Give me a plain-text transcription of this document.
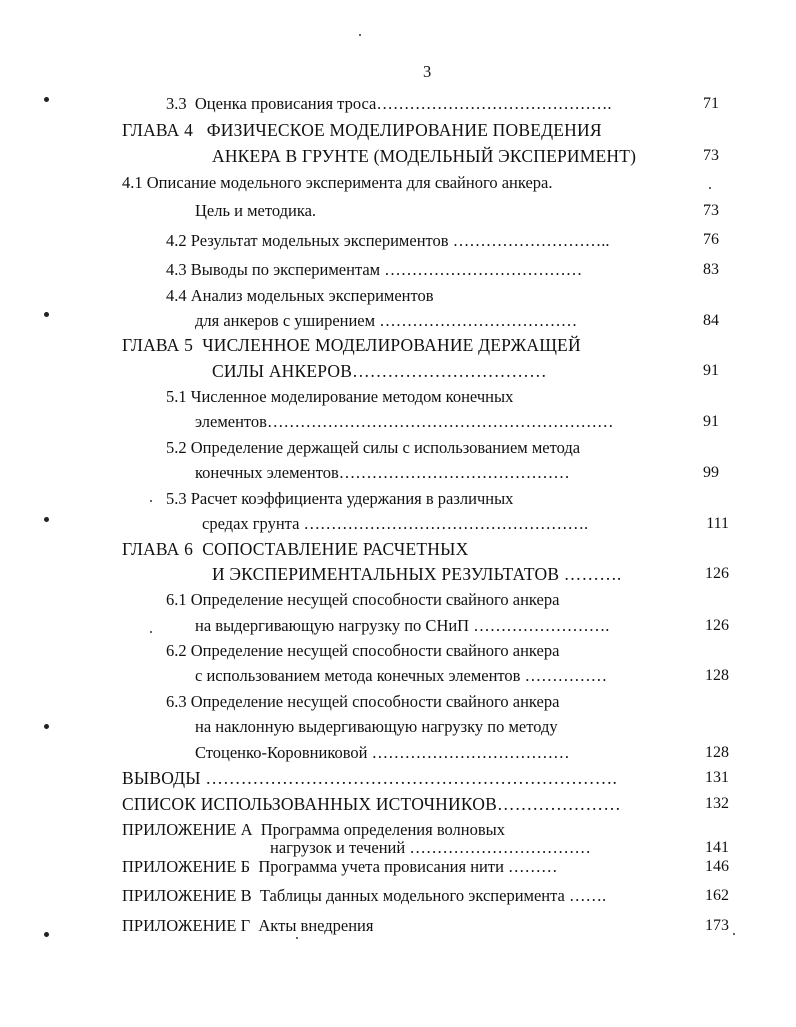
3
3.3  Оценка провисания троса…………………………………….	71
ГЛАВА 4   ФИЗИЧЕСКОЕ МОДЕЛИРОВАНИЕ ПОВЕДЕНИЯ
АНКЕРА В ГРУНТЕ (МОДЕЛЬНЫЙ ЭКСПЕРИМЕНТ)	73
4.1 Описание модельного эксперимента для свайного анкера.
Цель и методика.	73
4.2 Результат модельных экспериментов ………………………..	76
4.3 Выводы по экспериментам ………………………………	83
4.4 Анализ модельных экспериментов
для анкеров с уширением ………………………………	84
ГЛАВА 5  ЧИСЛЕННОЕ МОДЕЛИРОВАНИЕ ДЕРЖАЩЕЙ
СИЛЫ АНКЕРОВ……………………………	91
5.1 Численное моделирование методом конечных
элементов………………………………………………………	91
5.2 Определение держащей силы с использованием метода
конечных элементов……………………………………	99
5.3 Расчет коэффициента удержания в различных
средах грунта …………………………………………….	111
ГЛАВА 6  СОПОСТАВЛЕНИЕ РАСЧЕТНЫХ
И ЭКСПЕРИМЕНТАЛЬНЫХ РЕЗУЛЬТАТОВ ……….	126
6.1 Определение несущей способности свайного анкера
на выдергивающую нагрузку по СНиП …………………….	126
6.2 Определение несущей способности свайного анкера
с использованием метода конечных элементов ……………	128
6.3 Определение несущей способности свайного анкера
на наклонную выдергивающую нагрузку по методу
Стоценко-Коровниковой ………………………………	128
ВЫВОДЫ …………………………………………………………….	131
СПИСОК ИСПОЛЬЗОВАННЫХ ИСТОЧНИКОВ…………………	132
ПРИЛОЖЕНИЕ А  Программа определения волновых
нагрузок и течений ……………………………	141
ПРИЛОЖЕНИЕ Б  Программа учета провисания нити ………	146
ПРИЛОЖЕНИЕ В  Таблицы данных модельного эксперимента …….	162
ПРИЛОЖЕНИЕ Г  Акты внедрения	173
